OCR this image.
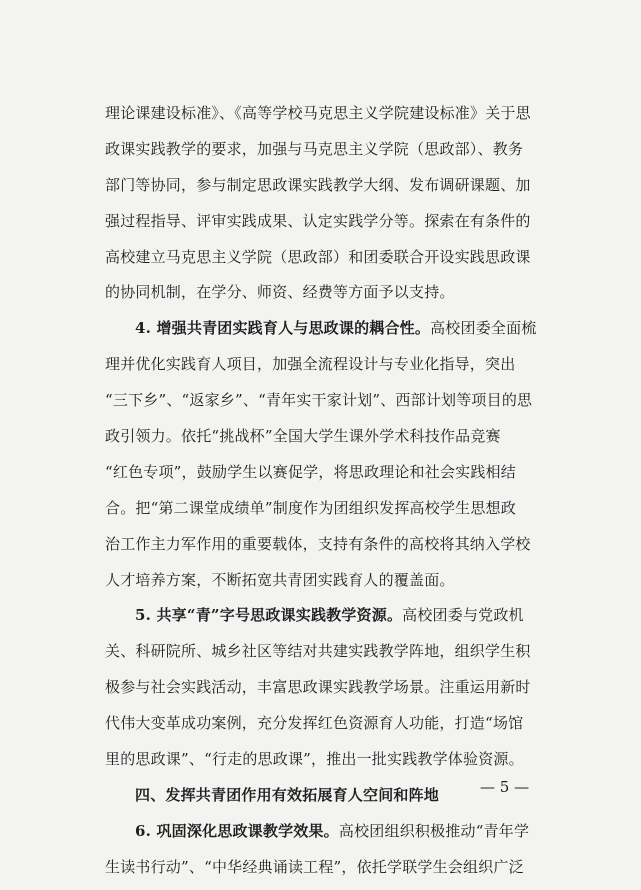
理论课建设标准》、《高等学校马克思主义学院建设标准》关于思
政课实践教学的要求，加强与马克思主义学院（思政部）、教务
部门等协同，参与制定思政课实践教学大纲、发布调研课题、加
强过程指导、评审实践成果、认定实践学分等。探索在有条件的
高校建立马克思主义学院（思政部）和团委联合开设实践思政课
的协同机制，在学分、师资、经费等方面予以支持。
4. 增强共青团实践育人与思政课的耦合性。高校团委全面梳
理并优化实践育人项目，加强全流程设计与专业化指导，突出
“三下乡”、“返家乡”、“青年实干家计划”、西部计划等项目的思
政引领力。依托“挑战杯”全国大学生课外学术科技作品竞赛
“红色专项”，鼓励学生以赛促学，将思政理论和社会实践相结
合。把“第二课堂成绩单”制度作为团组织发挥高校学生思想政
治工作主力军作用的重要载体，支持有条件的高校将其纳入学校
人才培养方案，不断拓宽共青团实践育人的覆盖面。
5. 共享“青”字号思政课实践教学资源。高校团委与党政机
关、科研院所、城乡社区等结对共建实践教学阵地，组织学生积
极参与社会实践活动，丰富思政课实践教学场景。注重运用新时
代伟大变革成功案例，充分发挥红色资源育人功能，打造“场馆
里的思政课”、“行走的思政课”，推出一批实践教学体验资源。
四、发挥共青团作用有效拓展育人空间和阵地
6. 巩固深化思政课教学效果。高校团组织积极推动“青年学
生读书行动”、“中华经典诵读工程”，依托学联学生会组织广泛
— 5 —
